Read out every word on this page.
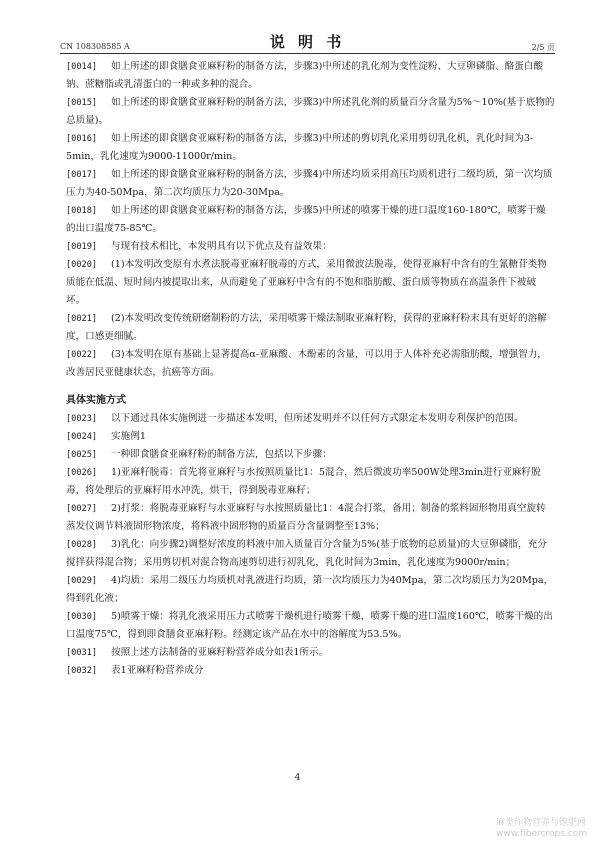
CN 108308585 A	说 明 书	2/5 页

[0014] 如上所述的即食膳食亚麻籽粉的制备方法，步骤3)中所述的乳化剂为变性淀粉、大豆卵磷脂、酪蛋白酸钠、蔗糖脂或乳清蛋白的一种或多种的混合。

[0015] 如上所述的即食膳食亚麻籽粉的制备方法，步骤3)中所述乳化剂的质量百分含量为5%～10%(基于底物的总质量)。

[0016] 如上所述的即食膳食亚麻籽粉的制备方法，步骤3)中所述的剪切乳化采用剪切乳化机，乳化时间为3-5min，乳化速度为9000-11000r/min。

[0017] 如上所述的即食膳食亚麻籽粉的制备方法，步骤4)中所述均质采用高压均质机进行二级均质，第一次均质压力为40-50Mpa，第二次均质压力为20-30Mpa。

[0018] 如上所述的即食膳食亚麻籽粉的制备方法，步骤5)中所述的喷雾干燥的进口温度160-180℃，喷雾干燥的出口温度75-85℃。

[0019] 与现有技术相比，本发明具有以下优点及有益效果：

[0020] (1)本发明改变原有水煮法脱毒亚麻籽脱毒的方式，采用微波法脱毒，使得亚麻籽中含有的生氰糖苷类物质能在低温、短时间内被提取出来，从而避免了亚麻籽中含有的不饱和脂肪酸、蛋白质等物质在高温条件下被破坏。

[0021] (2)本发明改变传统研磨制粉的方法，采用喷雾干燥法制取亚麻籽粉，获得的亚麻籽粉末具有更好的溶解度，口感更细腻。

[0022] (3)本发明在原有基础上显著提高α-亚麻酸、木酚素的含量，可以用于人体补充必需脂肪酸，增强智力，改善居民亚健康状态，抗癌等方面。

具体实施方式

[0023] 以下通过具体实施例进一步描述本发明，但所述发明并不以任何方式限定本发明专利保护的范围。

[0024] 实施例1

[0025] 一种即食膳食亚麻籽粉的制备方法，包括以下步骤：

[0026] 1)亚麻籽脱毒：首先将亚麻籽与水按照质量比1：5混合，然后微波功率500W处理3min进行亚麻籽脱毒，将处理后的亚麻籽用水冲洗，烘干，得到脱毒亚麻籽；

[0027] 2)打浆：将脱毒亚麻籽与水亚麻籽与水按照质量比1：4混合打浆，备用；制备的浆料固形物用真空旋转蒸发仪调节料液固形物浓度，将料液中固形物的质量百分含量调整至13%；

[0028] 3)乳化：向步骤2)调整好浓度的料液中加入质量百分含量为5%(基于底物的总质量)的大豆卵磷脂，充分搅拌获得混合物；采用剪切机对混合物高速剪切进行初乳化，乳化时间为3min，乳化速度为9000r/min；

[0029] 4)均质：采用二级压力均质机对乳液进行均质，第一次均质压力为40Mpa，第二次均质压力为20Mpa，得到乳化液；

[0030] 5)喷雾干燥：将乳化液采用压力式喷雾干燥机进行喷雾干燥，喷雾干燥的进口温度160℃，喷雾干燥的出口温度75℃，得到即食膳食亚麻籽粉。经测定该产品在水中的溶解度为53.5%。

[0031] 按照上述方法制备的亚麻籽粉营养成分如表1所示。

[0032] 表1亚麻籽粉营养成分

4
麻类作物营养与饱肥网
www.fibercrops.com
